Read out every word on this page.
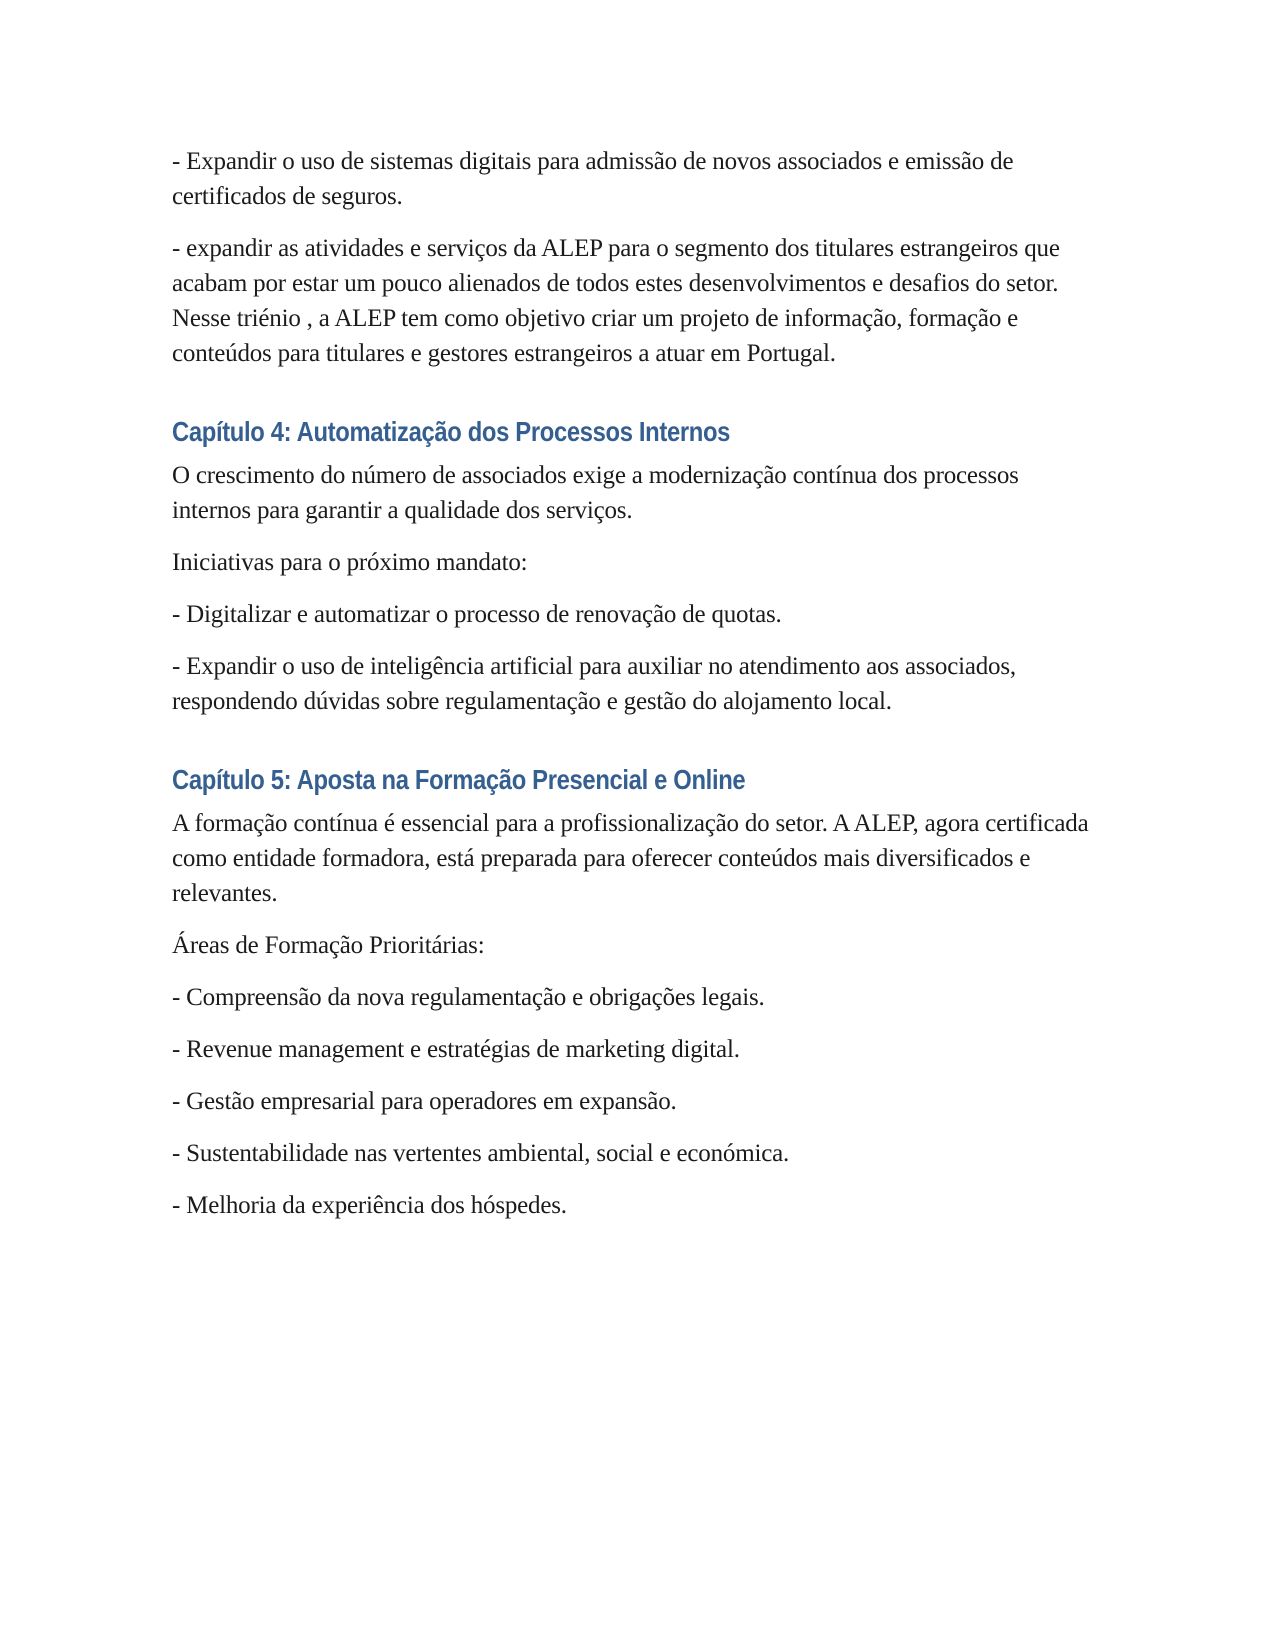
- Expandir o uso de sistemas digitais para admissão de novos associados e emissão de certificados de seguros.

- expandir as atividades e serviços da ALEP para o segmento dos titulares estrangeiros que acabam por estar um pouco alienados de todos estes desenvolvimentos e desafios do setor. Nesse triénio , a ALEP tem como objetivo criar um projeto de informação, formação e conteúdos para titulares e gestores estrangeiros a atuar em Portugal.

Capítulo 4: Automatização dos Processos Internos

O crescimento do número de associados exige a modernização contínua dos processos internos para garantir a qualidade dos serviços.

Iniciativas para o próximo mandato:

- Digitalizar e automatizar o processo de renovação de quotas.

- Expandir o uso de inteligência artificial para auxiliar no atendimento aos associados, respondendo dúvidas sobre regulamentação e gestão do alojamento local.

Capítulo 5: Aposta na Formação Presencial e Online

A formação contínua é essencial para a profissionalização do setor. A ALEP, agora certificada como entidade formadora, está preparada para oferecer conteúdos mais diversificados e relevantes.

Áreas de Formação Prioritárias:

- Compreensão da nova regulamentação e obrigações legais.

- Revenue management e estratégias de marketing digital.

- Gestão empresarial para operadores em expansão.

- Sustentabilidade nas vertentes ambiental, social e económica.

- Melhoria da experiência dos hóspedes.
